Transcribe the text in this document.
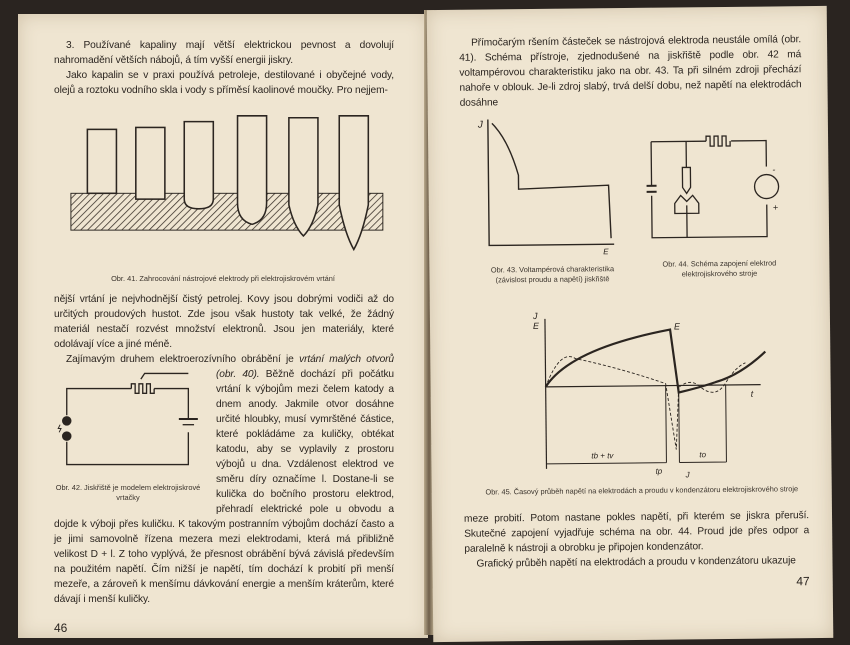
3. Používané kapaliny mají větší elektrickou pevnost a dovolují nahromadění větších nábojů, á tím vyšší energii jiskry.

Jako kapalin se v praxi používá petroleje, destilované i obyčejné vody, olejů a roztoku vodního skla i vody s příměsí kaolinové moučky. Pro nejjem-

Obr. 41. Zahrocování nástrojové elektrody při elektrojiskrovém vrtání

nější vrtání je nejvhodnější čistý petrolej. Kovy jsou dobrými vodiči až do určitých proudových hustot. Zde jsou však hustoty tak velké, že žádný materiál nestačí rozvést množství elektronů. Jsou jen materiály, které odolávají více a jiné méně.

Zajímavým druhem elektroerozívního obrábění je vrtání malých otvorů (obr. 40).
Obr. 42. Jiskřiště je modelem elektrojiskrové vrtačky
Běžně dochází při počátku vrtání k výbojům mezi čelem katody a dnem anody. Jakmile otvor dosáhne určité hloubky, musí vymrštěné částice, které pokládáme za kuličky, obtékat katodu, aby se vyplavily z prostoru výbojů u dna. Vzdálenost elektrod ve směru díry označíme l. Dostane-li se kulička do bočního prostoru elektrod, přehradí elektrické pole u obvodu a dojde k výboji přes kuličku. K takovým postranním výbojům dochází často a je jimi samovolně řízena mezera mezi elektrodami, která má přibližně velikost D + l. Z toho vyplývá, že přesnost obrábění bývá závislá především na použitém napětí. Čím nižší je napětí, tím dochází k probití při menší mezeře, a zároveň k menšímu dávkování energie a menším kráterům, které dávají i menší kuličky.

46

Přímočarým ršením částeček se nástrojová elektroda neustále omílá (obr. 41). Schéma přístroje, zjednodušené na jiskřiště podle obr. 42 má voltampérovou charakteristiku jako na obr. 43. Ta při silném zdroji přechází nahoře v oblouk. Je-li zdroj slabý, trvá delší dobu, než napětí na elektrodách dosáhne

J
E
Obr. 43. Voltampérová charakteristika (závislost proudu a napětí) jiskřiště
-
+
Obr. 44. Schéma zapojení elektrod elektrojiskrového stroje
J
E	E
t
tb + tv
tp
to
J
Obr. 45. Časový průběh napětí na elektrodách a proudu v kondenzátoru elektrojiskrového stroje

meze probití. Potom nastane pokles napětí, při kterém se jiskra přeruší. Skutečné zapojení vyjadřuje schéma na obr. 44. Proud jde přes odpor a paralelně k nástroji a obrobku je připojen kondenzátor.

Grafický průběh napětí na elektrodách a proudu v kondenzátoru ukazuje

47
